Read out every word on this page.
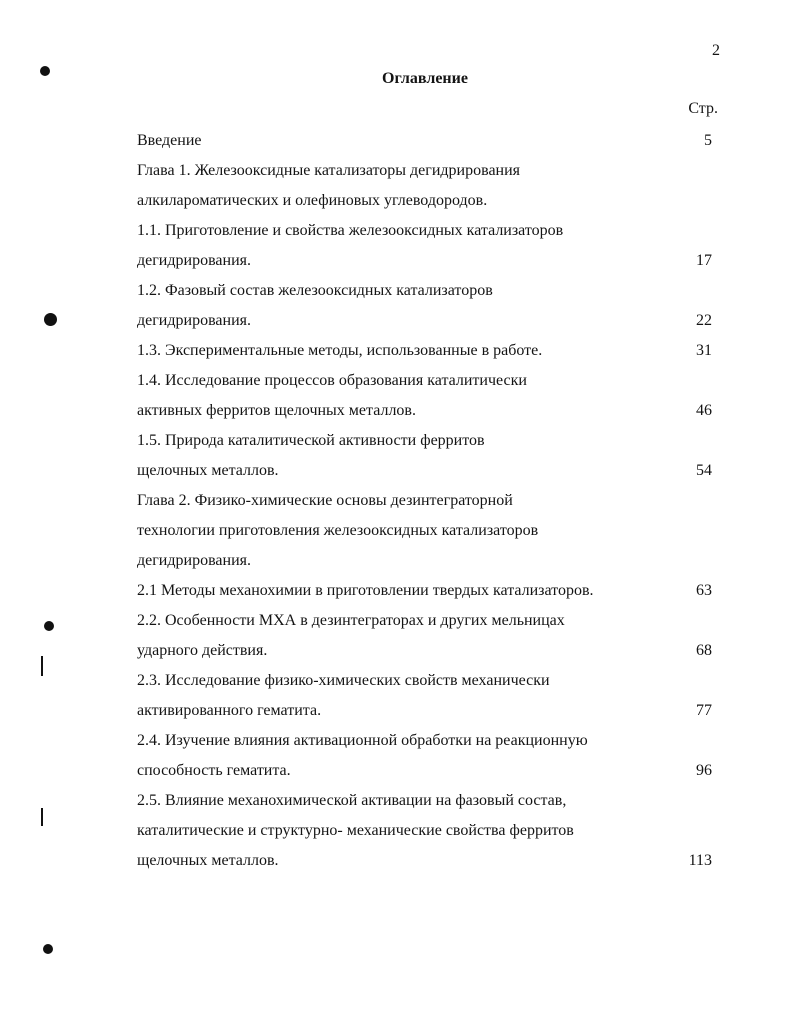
2
Оглавление
Стр.
Введение	5
Глава 1. Железооксидные катализаторы дегидрирования
алкилароматических и олефиновых углеводородов.
1.1. Приготовление и свойства железооксидных катализаторов
дегидрирования.	17
1.2. Фазовый состав железооксидных катализаторов
дегидрирования.	22
1.3. Экспериментальные методы, использованные в работе.	31
1.4. Исследование процессов образования каталитически
активных ферритов щелочных металлов.	46
1.5. Природа каталитической активности ферритов
щелочных металлов.	54
Глава 2. Физико-химические основы дезинтеграторной
технологии приготовления железооксидных катализаторов
дегидрирования.
2.1 Методы механохимии в приготовлении твердых катализаторов.	63
2.2. Особенности МХА в дезинтеграторах и других мельницах
ударного действия.	68
2.3. Исследование физико-химических свойств механически
активированного гематита.	77
2.4. Изучение влияния активационной обработки на реакционную
способность гематита.	96
2.5. Влияние механохимической активации на фазовый состав,
каталитические и структурно- механические свойства ферритов
щелочных металлов.	113
